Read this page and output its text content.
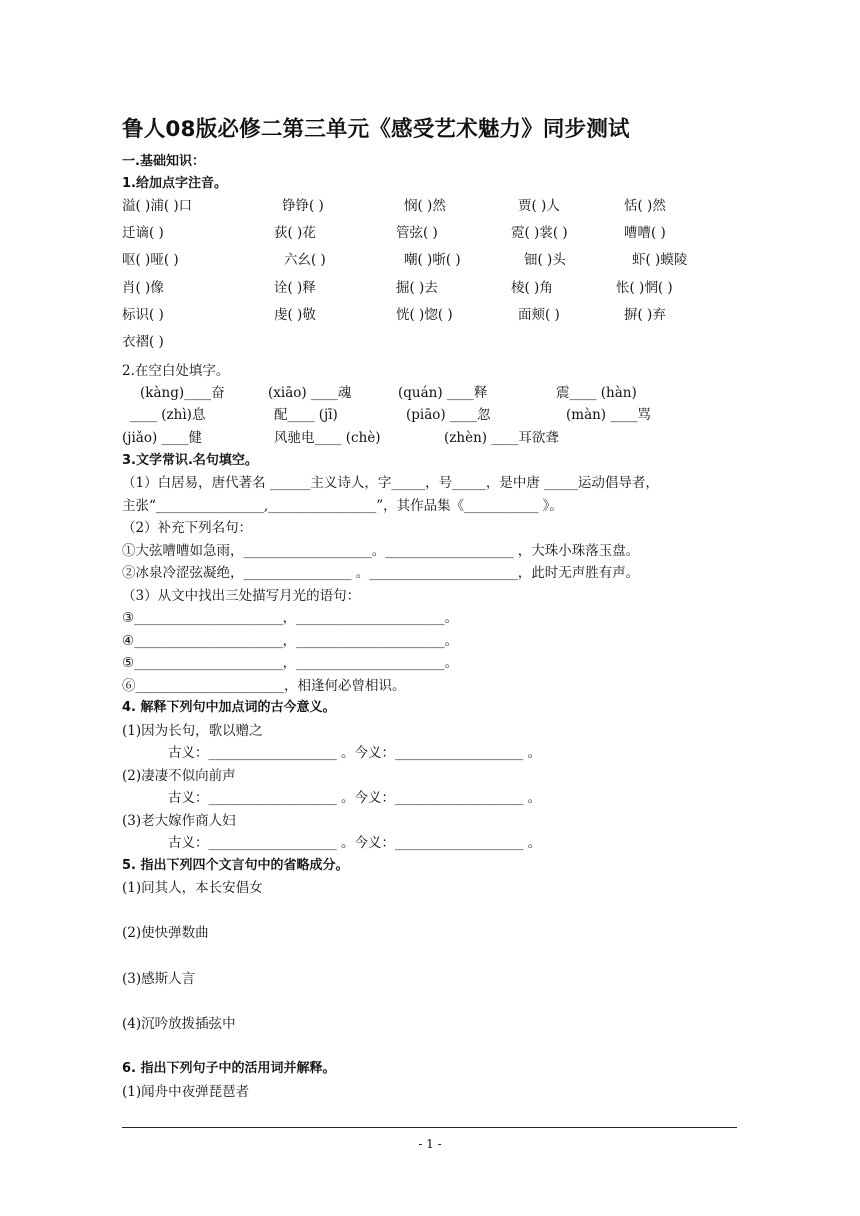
鲁人08版必修二第三单元《感受艺术魅力》同步测试
一.基础知识：
1.给加点字注音。
溢( )浦( )口	铮铮( )	悯( )然	贾( )人	恬( )然
迁谪( )	荻( )花	管弦( )	霓( )裳( )	嘈嘈( )
呕( )哑( )	六幺( )	嘲( )哳( )	钿( )头	虾( )蟆陵
肖( )像	诠( )释	掘( )去	棱( )角	怅( )惘( )
标识( )	虔( )敬	恍( )惚( )	面颊( )	摒( )弃
衣褶( )
2.在空白处填字。
(kàng)____奋	(xiāo) ____魂	(quán) ____释	震____ (hàn)
____ (zhì)息	配____ (jī)	(piāo) ____忽	(màn) ____骂
(jiǎo) ____健	风驰电____ (chè)	(zhèn) ____耳欲聋
3.文学常识.名句填空。
（1）白居易，唐代著名 ______主义诗人，字_____，号_____，是中唐 _____运动倡导者，
主张“________________,________________”，其作品集《___________ 》。
（2）补充下列名句：
①大弦嘈嘈如急雨，___________________。___________________ ，大珠小珠落玉盘。
②冰泉冷涩弦凝绝，________________ 。______________________，此时无声胜有声。
（3）从文中找出三处描写月光的语句：
③______________________，______________________。
④______________________，______________________。
⑤______________________，______________________。
⑥______________________，相逢何必曾相识。
4. 解释下列句中加点词的古今意义。
(1)因为长句，歌以赠之
古义：___________________ 。今义：___________________ 。
(2)凄凄不似向前声
古义：___________________ 。今义：___________________ 。
(3)老大嫁作商人妇
古义：___________________ 。今义：___________________ 。
5. 指出下列四个文言句中的省略成分。
(1)问其人，本长安倡女
(2)使快弹数曲
(3)感斯人言
(4)沉吟放拨插弦中
6. 指出下列句子中的活用词并解释。
(1)闻舟中夜弹琵琶者
- 1 -
